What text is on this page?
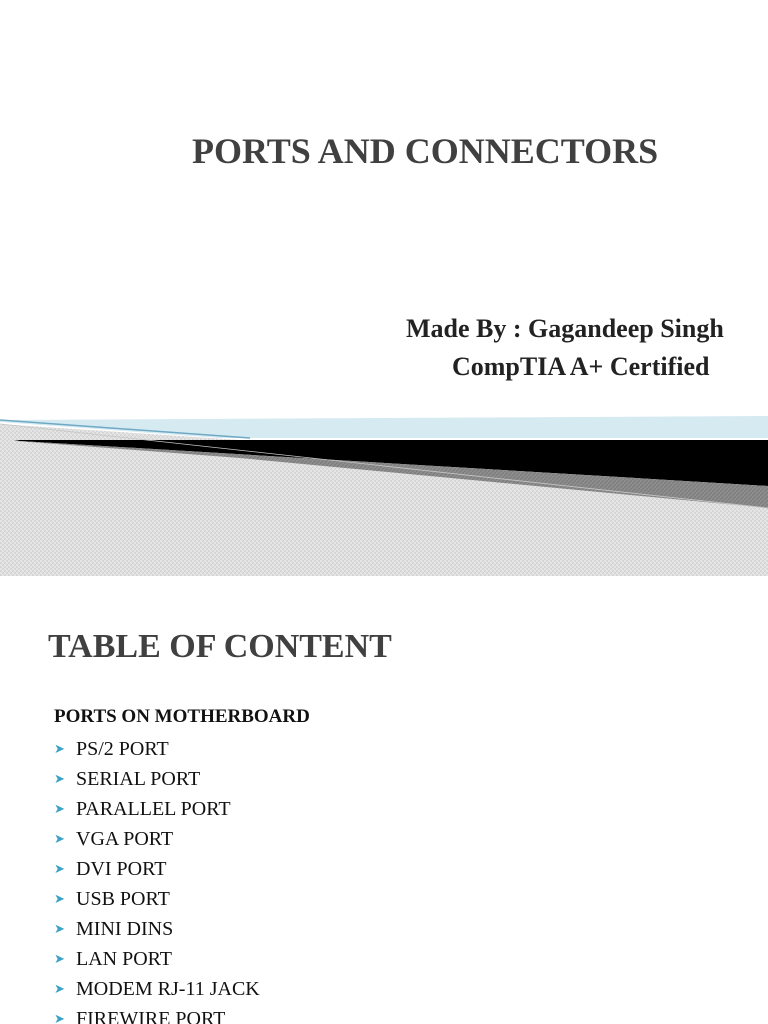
PORTS AND CONNECTORS
Made By : Gagandeep Singh
CompTIA A+ Certified
TABLE OF CONTENT
PORTS ON MOTHERBOARD
➤ PS/2 PORT
➤ SERIAL PORT
➤ PARALLEL PORT
➤ VGA PORT
➤ DVI PORT
➤ USB PORT
➤ MINI DINS
➤ LAN PORT
➤ MODEM RJ-11 JACK
➤ FIREWIRE PORT
